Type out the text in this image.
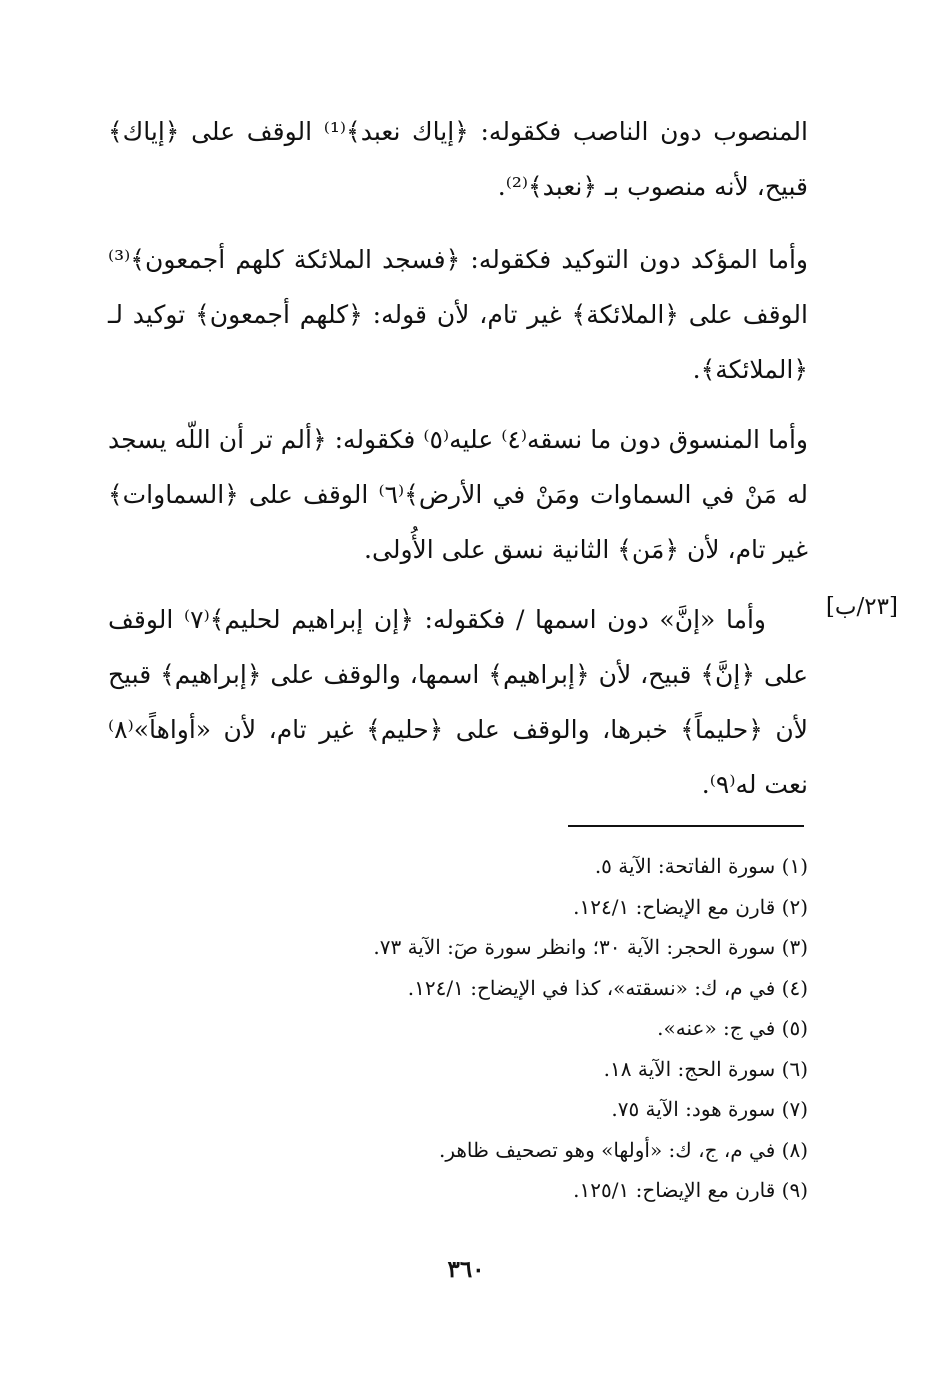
المنصوب دون الناصب فكقوله: ﴿إياك نعبد﴾⁽¹⁾ الوقف على ﴿إياك﴾ قبيح، لأنه منصوب بـ ﴿نعبد﴾⁽²⁾.

وأما المؤكد دون التوكيد فكقوله: ﴿فسجد الملائكة كلهم أجمعون﴾⁽³⁾ الوقف على ﴿الملائكة﴾ غير تام، لأن قوله: ﴿كلهم أجمعون﴾ توكيد لـ ﴿الملائكة﴾.

وأما المنسوق دون ما نسقه⁽٤⁾ عليه⁽٥⁾ فكقوله: ﴿ألم تر أن اللّه يسجد له مَنْ في السماوات ومَنْ في الأرض﴾⁽٦⁾ الوقف على ﴿السماوات﴾ غير تام، لأن ﴿مَن﴾ الثانية نسق على الأُولى.

[٢٣/ب]

وأما «إنَّ» دون اسمها / فكقوله: ﴿إن إبراهيم لحليم﴾⁽٧⁾ الوقف على ﴿إنَّ﴾ قبيح، لأن ﴿إبراهيم﴾ اسمها، والوقف على ﴿إبراهيم﴾ قبيح لأن ﴿حليماً﴾ خبرها، والوقف على ﴿حليم﴾ غير تام، لأن «أواهاً»⁽٨⁾ نعت له⁽٩⁾.

(١) سورة الفاتحة: الآية ٥.
(٢) قارن مع الإيضاح: ١٢٤/١.
(٣) سورة الحجر: الآية ٣٠؛ وانظر سورة صٓ: الآية ٧٣.
(٤) في م، ك: «نسقته»، كذا في الإيضاح: ١٢٤/١.
(٥) في ج: «عنه».
(٦) سورة الحج: الآية ١٨.
(٧) سورة هود: الآية ٧٥.
(٨) في م، ج، ك: «أولها» وهو تصحيف ظاهر.
(٩) قارن مع الإيضاح: ١٢٥/١.
٣٦٠
